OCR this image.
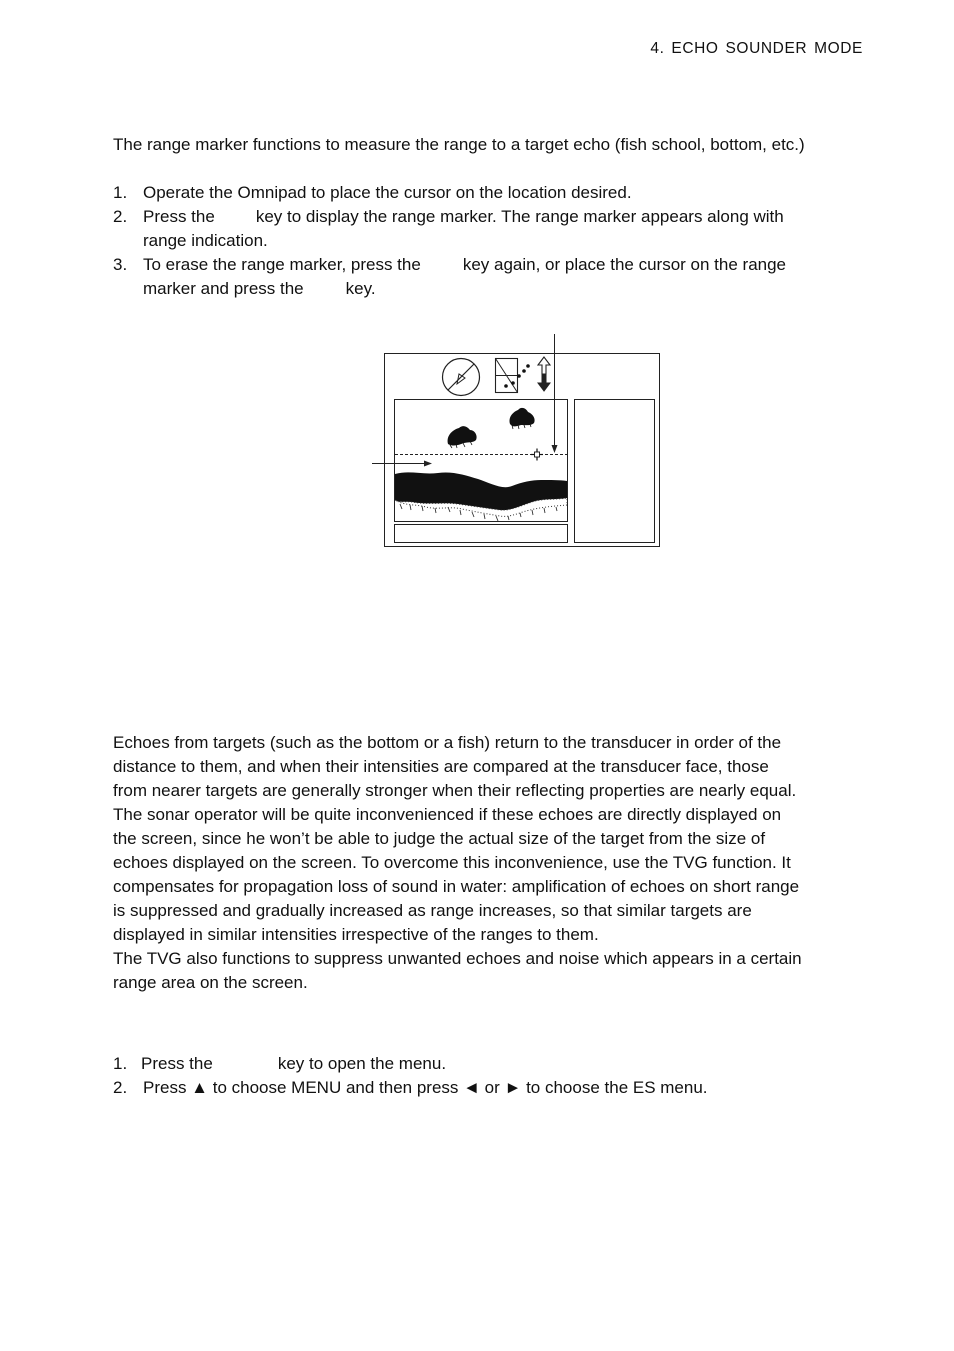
4. ECHO SOUNDER MODE
The range marker functions to measure the range to a target echo (fish school, bottom, etc.)
1. Operate the Omnipad to place the cursor on the location desired.
2. Press the key to display the range marker. The range marker appears along with
range indication.
3. To erase the range marker, press the key again, or place the cursor on the range
marker and press the key.
Echoes from targets (such as the bottom or a fish) return to the transducer in order of the
distance to them, and when their intensities are compared at the transducer face, those
from nearer targets are generally stronger when their reflecting properties are nearly equal.
The sonar operator will be quite inconvenienced if these echoes are directly displayed on
the screen, since he won’t be able to judge the actual size of the target from the size of
echoes displayed on the screen. To overcome this inconvenience, use the TVG function. It
compensates for propagation loss of sound in water: amplification of echoes on short range
is suppressed and gradually increased as range increases, so that similar targets are
displayed in similar intensities irrespective of the ranges to them.
The TVG also functions to suppress unwanted echoes and noise which appears in a certain
range area on the screen.
1. Press the	key to open the menu.
2. Press ▲ to choose MENU and then press ◄ or ► to choose the ES menu.
